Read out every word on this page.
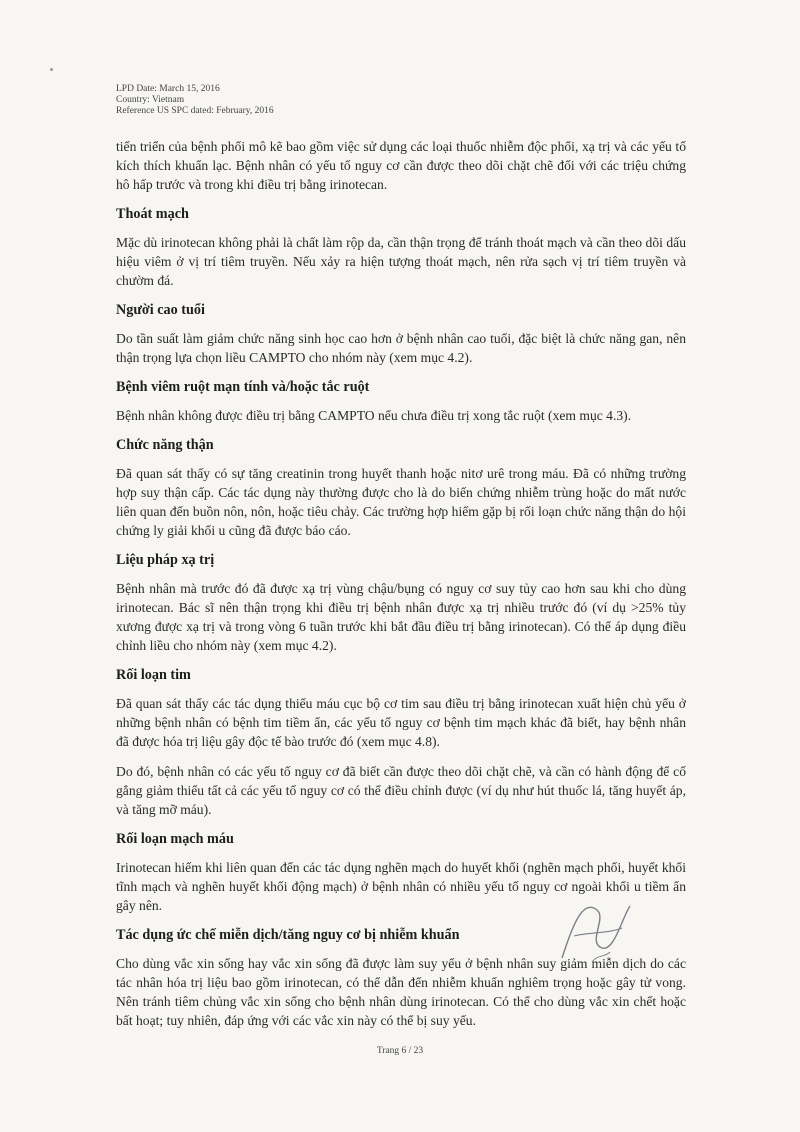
LPD Date: March 15, 2016
Country: Vietnam
Reference US SPC dated: February, 2016

tiến triển của bệnh phổi mô kẽ bao gồm việc sử dụng các loại thuốc nhiễm độc phổi, xạ trị và các yếu tố kích thích khuẩn lạc. Bệnh nhân có yếu tố nguy cơ cần được theo dõi chặt chẽ đối với các triệu chứng hô hấp trước và trong khi điều trị bằng irinotecan.

Thoát mạch

Mặc dù irinotecan không phải là chất làm rộp da, cần thận trọng để tránh thoát mạch và cần theo dõi dấu hiệu viêm ở vị trí tiêm truyền. Nếu xảy ra hiện tượng thoát mạch, nên rửa sạch vị trí tiêm truyền và chườm đá.

Người cao tuổi

Do tần suất làm giảm chức năng sinh học cao hơn ở bệnh nhân cao tuổi, đặc biệt là chức năng gan, nên thận trọng lựa chọn liều CAMPTO cho nhóm này (xem mục 4.2).

Bệnh viêm ruột mạn tính và/hoặc tắc ruột

Bệnh nhân không được điều trị bằng CAMPTO nếu chưa điều trị xong tắc ruột (xem mục 4.3).

Chức năng thận

Đã quan sát thấy có sự tăng creatinin trong huyết thanh hoặc nitơ urê trong máu. Đã có những trường hợp suy thận cấp. Các tác dụng này thường được cho là do biến chứng nhiễm trùng hoặc do mất nước liên quan đến buồn nôn, nôn, hoặc tiêu chảy. Các trường hợp hiếm gặp bị rối loạn chức năng thận do hội chứng ly giải khối u cũng đã được báo cáo.

Liệu pháp xạ trị

Bệnh nhân mà trước đó đã được xạ trị vùng chậu/bụng có nguy cơ suy tủy cao hơn sau khi cho dùng irinotecan. Bác sĩ nên thận trọng khi điều trị bệnh nhân được xạ trị nhiều trước đó (ví dụ >25% tủy xương được xạ trị và trong vòng 6 tuần trước khi bắt đầu điều trị bằng irinotecan). Có thể áp dụng điều chỉnh liều cho nhóm này (xem mục 4.2).

Rối loạn tim

Đã quan sát thấy các tác dụng thiếu máu cục bộ cơ tim sau điều trị bằng irinotecan xuất hiện chủ yếu ở những bệnh nhân có bệnh tim tiềm ẩn, các yếu tố nguy cơ bệnh tim mạch khác đã biết, hay bệnh nhân đã được hóa trị liệu gây độc tế bào trước đó (xem mục 4.8).

Do đó, bệnh nhân có các yếu tố nguy cơ đã biết cần được theo dõi chặt chẽ, và cần có hành động để cố gắng giảm thiểu tất cả các yếu tố nguy cơ có thể điều chỉnh được (ví dụ như hút thuốc lá, tăng huyết áp, và tăng mỡ máu).

Rối loạn mạch máu

Irinotecan hiếm khi liên quan đến các tác dụng nghẽn mạch do huyết khối (nghẽn mạch phổi, huyết khối tĩnh mạch và nghẽn huyết khối động mạch) ở bệnh nhân có nhiều yếu tố nguy cơ ngoài khối u tiềm ẩn gây nên.

Tác dụng ức chế miễn dịch/tăng nguy cơ bị nhiễm khuẩn

Cho dùng vắc xin sống hay vắc xin sống đã được làm suy yếu ở bệnh nhân suy giảm miễn dịch do các tác nhân hóa trị liệu bao gồm irinotecan, có thể dẫn đến nhiễm khuẩn nghiêm trọng hoặc gây tử vong. Nên tránh tiêm chủng vắc xin sống cho bệnh nhân dùng irinotecan. Có thể cho dùng vắc xin chết hoặc bất hoạt; tuy nhiên, đáp ứng với các vắc xin này có thể bị suy yếu.

Trang 6 / 23
